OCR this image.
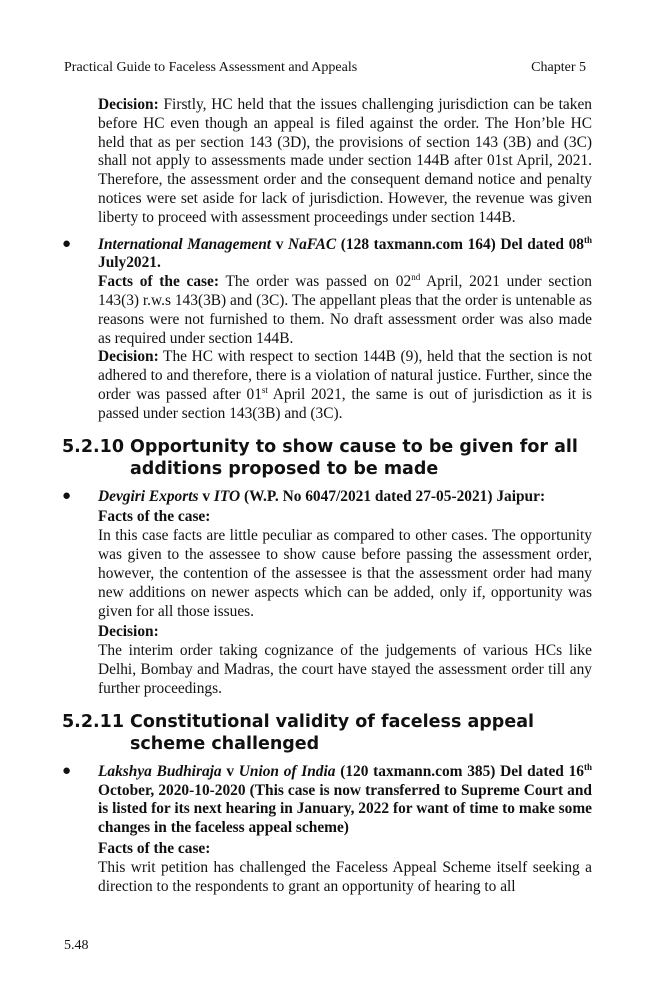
Practical Guide to Faceless Assessment and Appeals	Chapter 5

Decision: Firstly, HC held that the issues challenging jurisdiction can be taken before HC even though an appeal is filed against the order. The Hon’ble HC held that as per section 143 (3D), the provisions of section 143 (3B) and (3C) shall not apply to assessments made under section 144B after 01st April, 2021. Therefore, the assessment order and the consequent demand notice and penalty notices were set aside for lack of jurisdiction. However, the revenue was given liberty to proceed with assessment proceedings under section 144B.

● International Management v NaFAC (128 taxmann.com 164) Del dated 08th July2021.

Facts of the case: The order was passed on 02nd April, 2021 under section 143(3) r.w.s 143(3B) and (3C). The appellant pleas that the order is untenable as reasons were not furnished to them. No draft assessment order was also made as required under section 144B.

Decision: The HC with respect to section 144B (9), held that the section is not adhered to and therefore, there is a violation of natural justice. Further, since the order was passed after 01st April 2021, the same is out of jurisdiction as it is passed under section 143(3B) and (3C).

5.2.10 Opportunity to show cause to be given for all additions proposed to be made
● Devgiri Exports v ITO (W.P. No 6047/2021 dated 27-05-2021) Jaipur:
Facts of the case:

In this case facts are little peculiar as compared to other cases. The opportunity was given to the assessee to show cause before passing the assessment order, however, the contention of the assessee is that the assessment order had many new additions on newer aspects which can be added, only if, opportunity was given for all those issues.

Decision:

The interim order taking cognizance of the judgements of various HCs like Delhi, Bombay and Madras, the court have stayed the assessment order till any further proceedings.

5.2.11 Constitutional validity of faceless appeal scheme challenged
● Lakshya Budhiraja v Union of India (120 taxmann.com 385) Del dated 16th October, 2020-10-2020 (This case is now transferred to Supreme Court and is listed for its next hearing in January, 2022 for want of time to make some changes in the faceless appeal scheme)
Facts of the case:

This writ petition has challenged the Faceless Appeal Scheme itself seeking a direction to the respondents to grant an opportunity of hearing to all

5.48
